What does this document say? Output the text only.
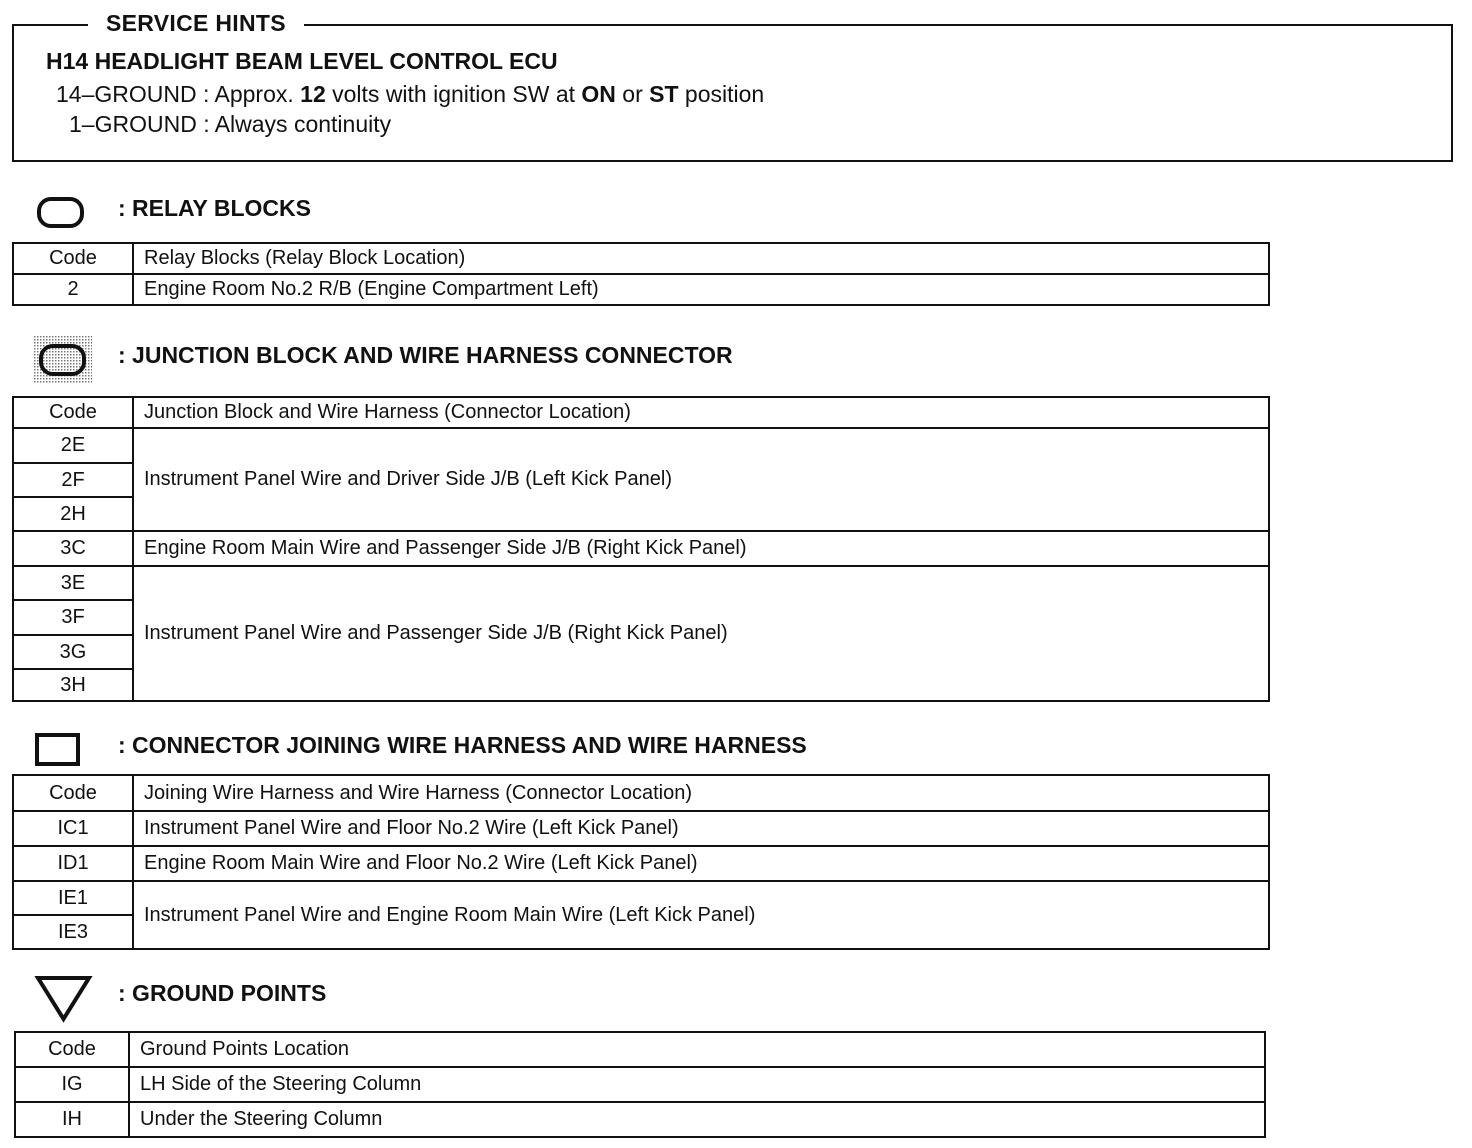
H14 HEADLIGHT BEAM LEVEL CONTROL ECU
14–GROUND : Approx. 12 volts with ignition SW at ON or ST position
1–GROUND : Always continuity
SERVICE HINTS
: RELAY BLOCKS
Code	Relay Blocks (Relay Block Location)
2	Engine Room No.2 R/B (Engine Compartment Left)
: JUNCTION BLOCK AND WIRE HARNESS CONNECTOR
Code	Junction Block and Wire Harness (Connector Location)
2E	Instrument Panel Wire and Driver Side J/B (Left Kick Panel)
2F	
2H	
3C	Engine Room Main Wire and Passenger Side J/B (Right Kick Panel)
3E	Instrument Panel Wire and Passenger Side J/B (Right Kick Panel)
3F	
3G	
3H	
: CONNECTOR JOINING WIRE HARNESS AND WIRE HARNESS
Code	Joining Wire Harness and Wire Harness (Connector Location)
IC1	Instrument Panel Wire and Floor No.2 Wire (Left Kick Panel)
ID1	Engine Room Main Wire and Floor No.2 Wire (Left Kick Panel)
IE1	Instrument Panel Wire and Engine Room Main Wire (Left Kick Panel)
IE3	
: GROUND POINTS
Code	Ground Points Location
IG	LH Side of the Steering Column
IH	Under the Steering Column
